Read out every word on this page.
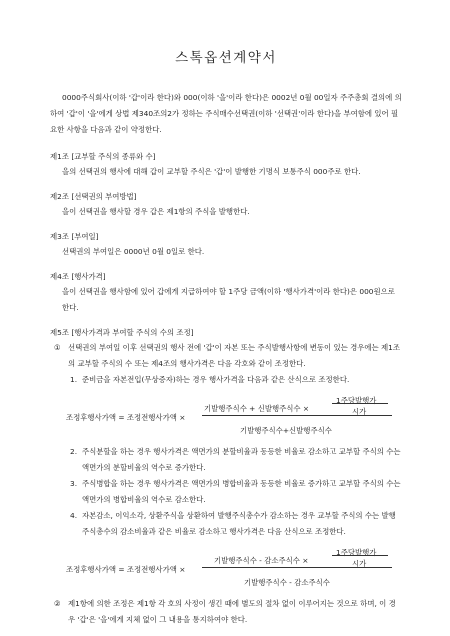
스톡옵션계약서
0000주식회사(이하 '갑'이라 한다)와 000(이하 '을'이라 한다)은 0002년 0월 00일자 주주총회 결의에 의하여 '갑'이 '을'에게 상법 제340조의2가 정하는 주식매수선택권(이하 '선택권'이라 한다)을 부여함에 있어 필요한 사항을 다음과 같이 약정한다.
제1조 [교부할 주식의 종류와 수]
을의 선택권의 행사에 대해 갑이 교부할 주식은 '갑'이 발행한 기명식 보통주식 000주로 한다.
제2조 [선택권의 부여방법]
을이 선택권을 행사할 경우 갑은 제1항의 주식을 발행한다.
제3조 [부여일]
선택권의 부여일은 0000년 0월 0일로 한다.
제4조 [행사가격]
을이 선택권을 행사함에 있어 갑에게 지급하여야 할 1주당 금액(이하 '행사가격'이라 한다)은 000원으로 한다.
제5조 [행사가격과 부여할 주식의 수의 조정]
① 선택권의 부여일 이후 선택권의 행사 전에 '갑'이 자본 또는 주식발행사항에 변동이 있는 경우에는 제1조의 교부할 주식의 수 또는 제4조의 행사가격은 다음 각호와 같이 조정한다.
1. 준비금을 자본전입(무상증자)하는 경우 행사가격을 다음과 같은 산식으로 조정한다.
조정후행사가액 = 조정전행사가액 ×
기발행주식수 + 신발행주식수 ×
1주당발행가
시가
기발행주식수+신발행주식수
2. 주식분할을 하는 경우 행사가격은 액면가의 분할비율과 동등한 비율로 감소하고 교부할 주식의 수는 액면가의 분할비율의 역수로 증가한다.
3. 주식병합을 하는 경우 행사가격은 액면가의 병합비율과 동등한 비율로 증가하고 교부할 주식의 수는 액면가의 병합비율의 역수로 감소한다.
4. 자본감소, 이익소각, 상환주식을 상환하여 발행주식총수가 감소하는 경우 교부할 주식의 수는 발행주식총수의 감소비율과 같은 비율로 감소하고 행사가격은 다음 산식으로 조정한다.
조정후행사가액 = 조정전행사가액 ×
기발행주식수 - 감소주식수 ×
1주당발행가
시가
기발행주식수 - 감소주식수
② 제1항에 의한 조정은 제1항 각 호의 사정이 생긴 때에 별도의 절차 없이 이루어지는 것으로 하며, 이 경우 '갑'은 '을'에게 지체 없이 그 내용을 통지하여야 한다.
